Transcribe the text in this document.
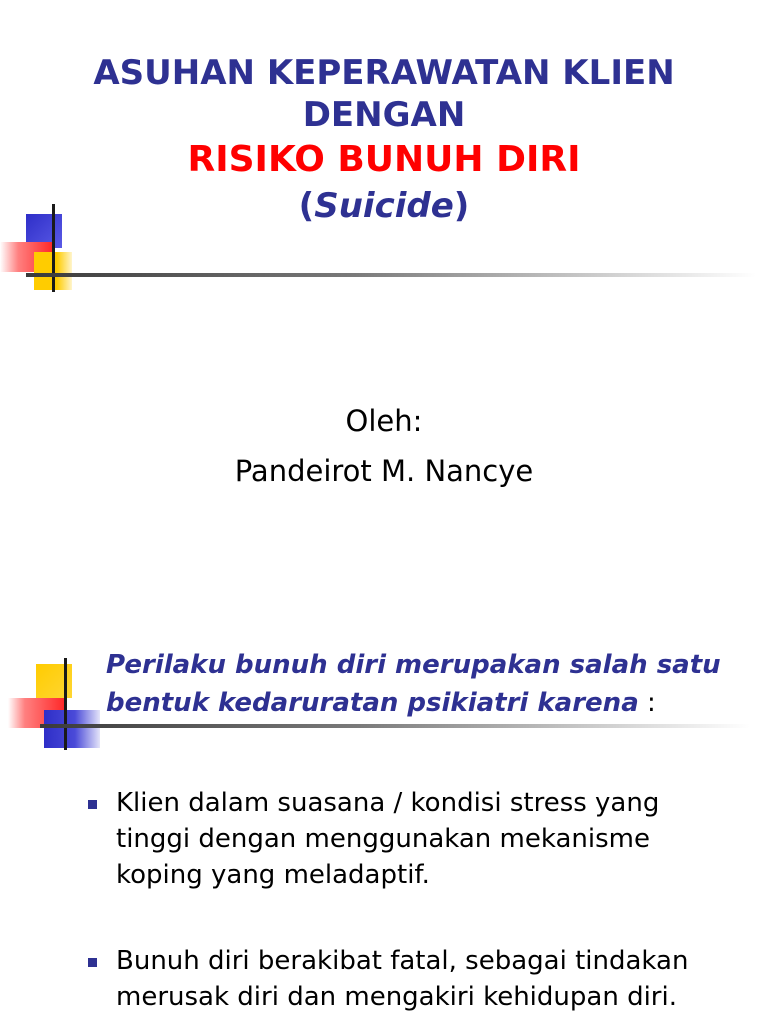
ASUHAN KEPERAWATAN KLIEN
DENGAN
RISIKO BUNUH DIRI
(Suicide)
Oleh:
Pandeirot M. Nancye
Perilaku bunuh diri merupakan salah satu bentuk kedaruratan psikiatri karena :
Klien dalam suasana / kondisi stress yang tinggi dengan menggunakan mekanisme koping yang meladaptif.
Bunuh diri berakibat fatal, sebagai tindakan merusak diri dan mengakiri kehidupan diri.
